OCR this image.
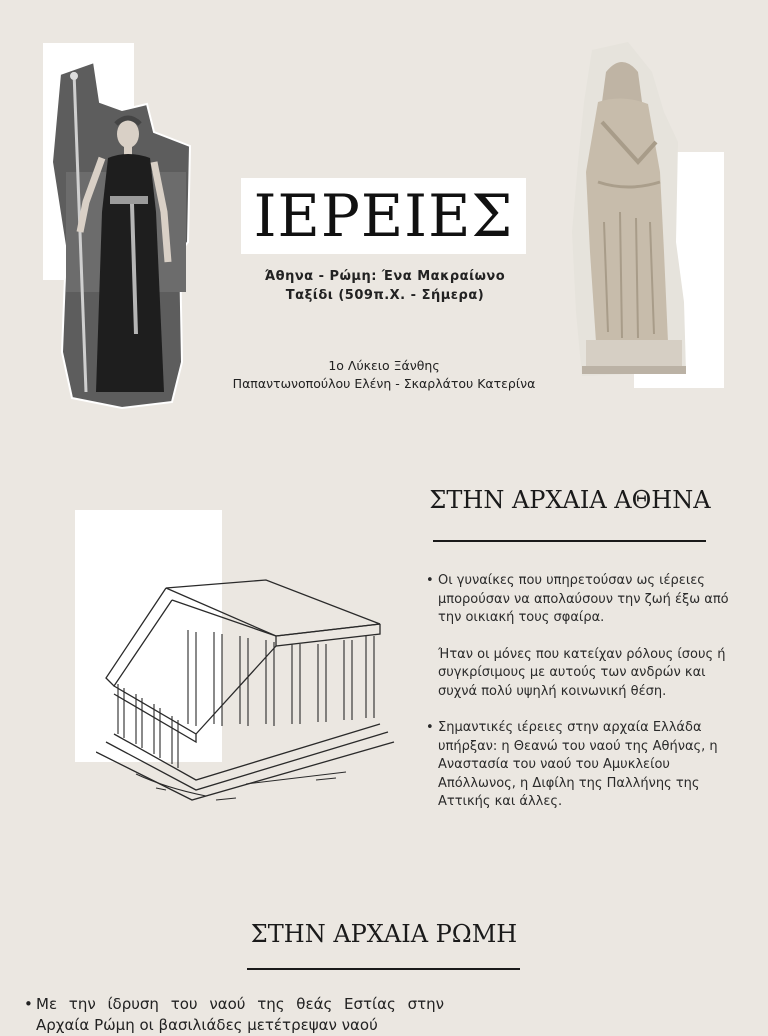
ΙΕΡΕΙΕΣ
Άθηνα - Ρώμη: Ένα Μακραίωνο
Ταξίδι (509π.Χ. - Σήμερα)
1ο Λύκειο Ξάνθης
Παπαντωνοπούλου Ελένη - Σκαρλάτου Κατερίνα
ΣΤΗΝ ΑΡΧΑΙΑ ΑΘΗΝΑ

• Οι γυναίκες που υπηρετούσαν ως ιέρειες μπορούσαν να απολαύσουν την ζωή έξω από την οικιακή τους σφαίρα.

Ήταν οι μόνες που κατείχαν ρόλους ίσους ή συγκρίσιμους με αυτούς των ανδρών και συχνά πολύ υψηλή κοινωνική θέση.

• Σημαντικές ιέρειες στην αρχαία Ελλάδα υπήρξαν: η Θεανώ του ναού της Αθήνας, η Αναστασία του ναού του Αμυκλείου Απόλλωνος, η Διφίλη της Παλλήνης της Αττικής και άλλες.

ΣΤΗΝ ΑΡΧΑΙΑ ΡΩΜΗ

• Με την ίδρυση του ναού της θεάς Εστίας στην Αρχαία Ρώμη οι βασιλιάδες μετέτρεψαν ναού
